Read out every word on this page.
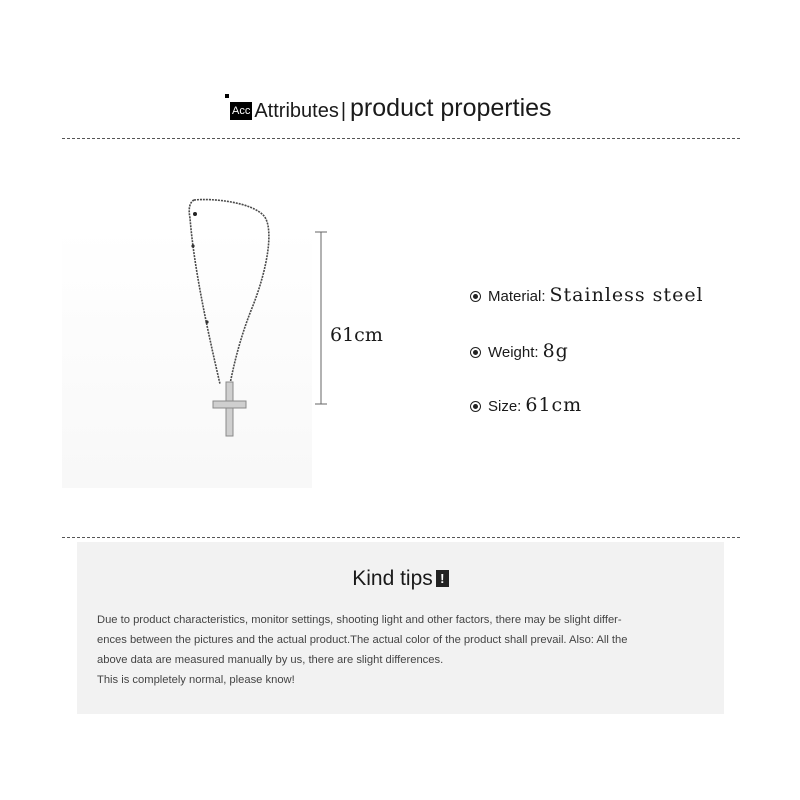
Acc Attributes | product properties
61cm
Material: Stainless steel
Weight: 8g
Size: 61cm
Kind tips !
Due to product characteristics, monitor settings, shooting light and other factors, there may be slight differ-
ences between the pictures and the actual product.The actual color of the product shall prevail. Also: All the
above data are measured manually by us, there are slight differences.
This is completely normal, please know!
